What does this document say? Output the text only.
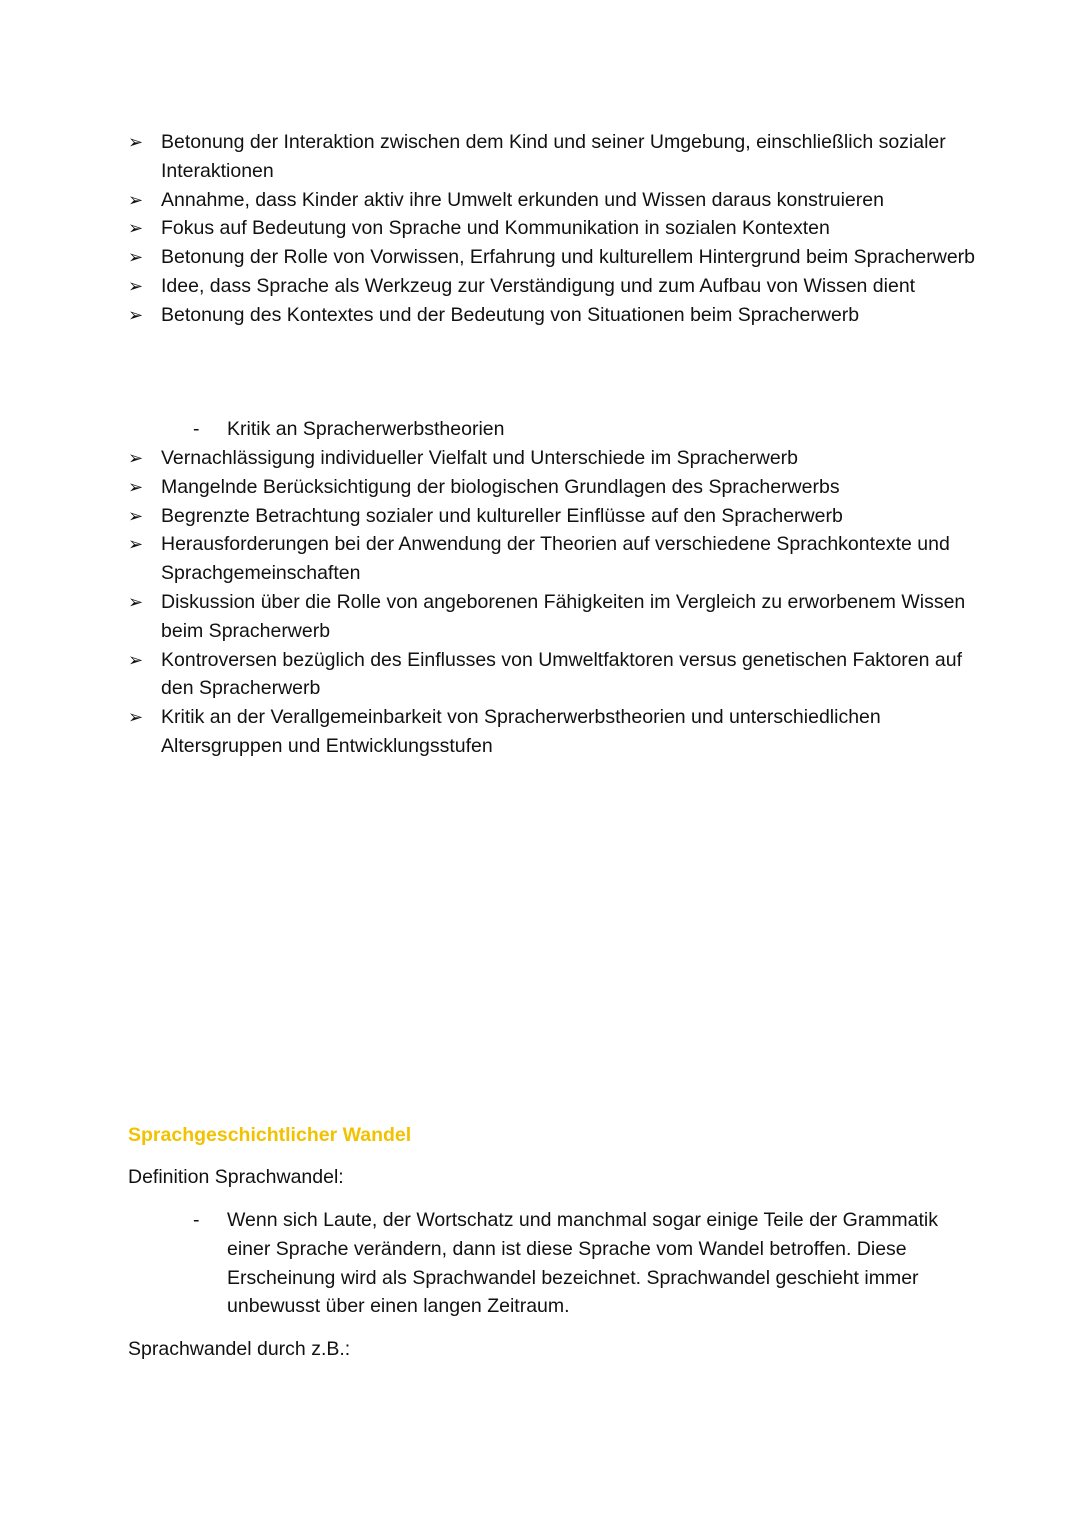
➢ Betonung der Interaktion zwischen dem Kind und seiner Umgebung, einschließlich sozialer Interaktionen
➢ Annahme, dass Kinder aktiv ihre Umwelt erkunden und Wissen daraus konstruieren
➢ Fokus auf Bedeutung von Sprache und Kommunikation in sozialen Kontexten
➢ Betonung der Rolle von Vorwissen, Erfahrung und kulturellem Hintergrund beim Spracherwerb
➢ Idee, dass Sprache als Werkzeug zur Verständigung und zum Aufbau von Wissen dient
➢ Betonung des Kontextes und der Bedeutung von Situationen beim Spracherwerb
-	Kritik an Spracherwerbstheorien
➢ Vernachlässigung individueller Vielfalt und Unterschiede im Spracherwerb
➢ Mangelnde Berücksichtigung der biologischen Grundlagen des Spracherwerbs
➢ Begrenzte Betrachtung sozialer und kultureller Einflüsse auf den Spracherwerb
➢ Herausforderungen bei der Anwendung der Theorien auf verschiedene Sprachkontexte und Sprachgemeinschaften
➢ Diskussion über die Rolle von angeborenen Fähigkeiten im Vergleich zu erworbenem Wissen beim Spracherwerb
➢ Kontroversen bezüglich des Einflusses von Umweltfaktoren versus genetischen Faktoren auf den Spracherwerb
➢ Kritik an der Verallgemeinbarkeit von Spracherwerbstheorien und unterschiedlichen Altersgruppen und Entwicklungsstufen
Sprachgeschichtlicher Wandel
Definition Sprachwandel:
-	Wenn sich Laute, der Wortschatz und manchmal sogar einige Teile der Grammatik einer Sprache verändern, dann ist diese Sprache vom Wandel betroffen. Diese Erscheinung wird als Sprachwandel bezeichnet. Sprachwandel geschieht immer unbewusst über einen langen Zeitraum.
Sprachwandel durch z.B.:
